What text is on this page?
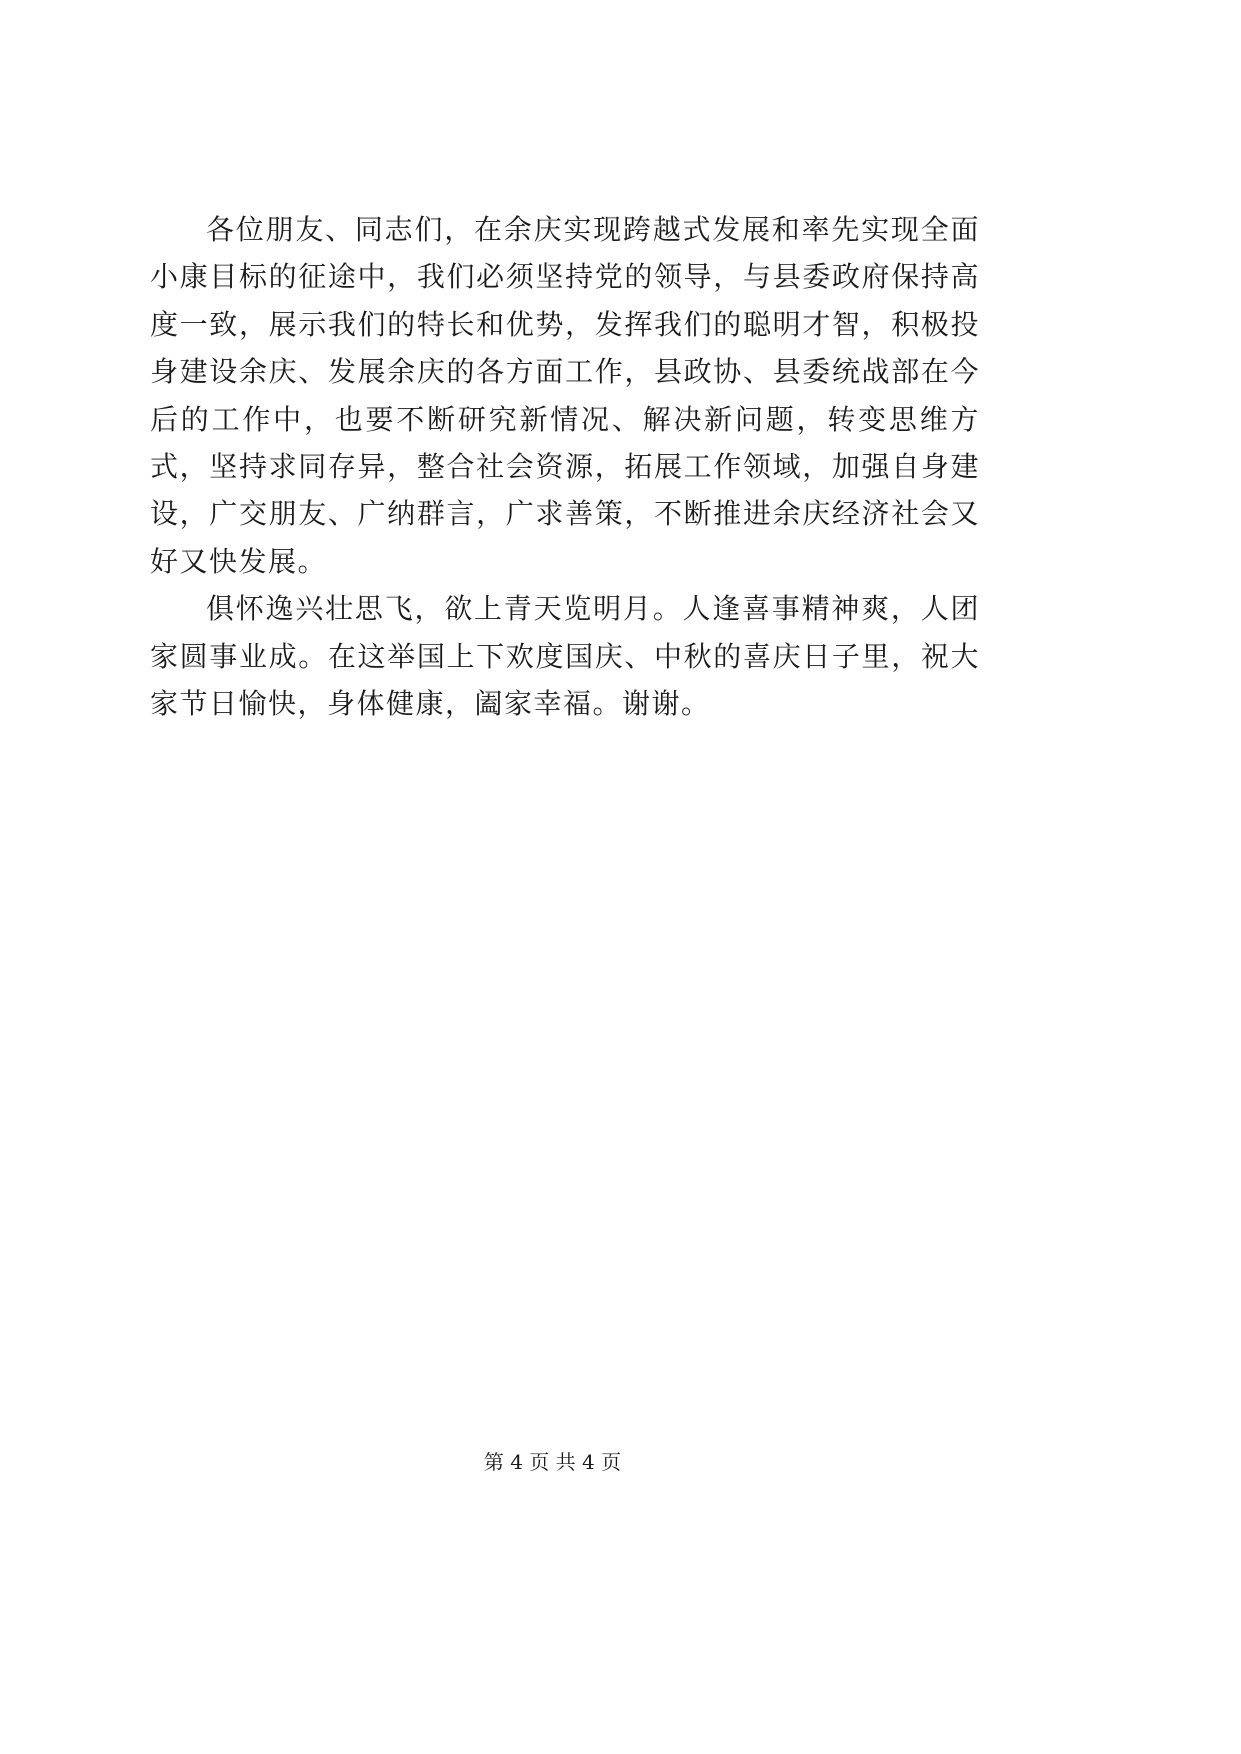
各位朋友、同志们，在余庆实现跨越式发展和率先实现全面小康目标的征途中，我们必须坚持党的领导，与县委政府保持高度一致，展示我们的特长和优势，发挥我们的聪明才智，积极投身建设余庆、发展余庆的各方面工作，县政协、县委统战部在今后的工作中，也要不断研究新情况、解决新问题，转变思维方式，坚持求同存异，整合社会资源，拓展工作领域，加强自身建设，广交朋友、广纳群言，广求善策，不断推进余庆经济社会又好又快发展。

俱怀逸兴壮思飞，欲上青天览明月。人逢喜事精神爽，人团家圆事业成。在这举国上下欢度国庆、中秋的喜庆日子里，祝大家节日愉快，身体健康，阖家幸福。谢谢。

第 4 页 共 4 页
